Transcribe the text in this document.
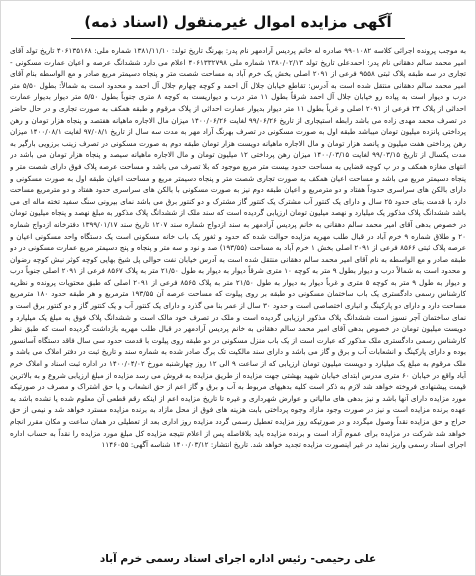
آگهی مزایده اموال غیرمنقول (اسناد ذمه)

به موجب پرونده اجرائی کلاسه ۹۹۰۱۰۸۲ صادره له خانم پردیس آرادمهر نام پدر: بهرنگ تاریخ تولد: ۱۳۸۱/۱۱/۱۰ شماره ملی: ۴۰۶۱۳۵۱۶۸ تاریخ تولد آقای امیر محمد سالم دهقانی نام پدر: احمدعلی تاریخ تولد ۱۳۸۰/۰۲/۱۳ شماره ملی ۴۰۶۱۳۳۲۷۹۸ اعلام می دارد ششدانگ عرصه و اعیان عمارت مسکونی - تجاری در سه طبقه پلاک ثبتی ۹۵۵۸ فرعی از ۲۰۹۱ اصلی بخش یک خرم آباد به مساحت شصت متر و پنجاه دسیمتر مربع صادر و مع الواسطه بنام آقای امیر محمد سالم دهقانی منتقل شده است به آدرس: تقاطع خیابان جلال آل احمد و کوچه چهارم جلال آل احمد و محدود است به شمالاً: بطول ۵/۵۰ متر درب و دیوار است به پیاده رو خیابان جلال آل احمد شرقاً بطول ۱۱ متر درب و دیواریست به کوچه ۸ متری جنوباً بطول ۵/۵۰ متر دیوار بدیوار عمارت احداثی از پلاک ۲۴ فرعی از ۲۰۹۱ اصلی و غرباً بطول ۱۱ متر دیوار بدیوار عمارت احداثی از پلاک مرقوم و طبقه همکف به صورت تجاری و در حال حاضر در تصرف محمد مهدی زاده می باشد رابطه استیجاری از تاریخ ۹۹/۰۶/۲۶ لغایت ۱۴۰۰/۰۶/۲۶ میزان مال الاجاره ماهیانه هفتصد و پنجاه هزار تومان و رهن پرداختی پانزده میلیون تومان میباشد طبقه اول به صورت مسکونی در تصرف بهرنگ آراد مهر به مدت سه سال از تاریخ ۹۷/۰۸/۱ لغایت ۱۴۰۰/۰۸/۱ میزان رهن پرداختی هفت میلیون و پانصد هزار تومان و مال الاجاره ماهیانه دویست هزار تومان طبقه دوم به صورت مسکونی در تصرف زینب برزویی بارگیر به مدت یکسال از تاریخ ۹۹/۰۳/۱۵ لغایت ۱۴۰۰/۰۳/۱۵ میزان رهن پرداختی ۱۲ میلیون تومان و مال الاجاره ماهیانه سیصد و پنجاه هزار تومان می باشد در انتهای مغازه همکف و در پ کوچه قضایی به مساحت حدود بیست متر مربع موجود که بلا تصرف می باشد و مساحت عرصه پلاک فوق دارای شصت متر و پنجاه دسیمتر مربع می باشد و مساحت اعیان همکف به صورت تجاری شصت متر و پنجاه دسیمتر مربع و مساحت اعیان طبقه اول به صورت مسکونی و دارای بالکن های سراسری حدوداً هفتاد و دو مترمربع و اعیان طبقه دوم نیز به صورت مسکونی با بالکن های سراسری حدود هفتاد و دو مترمربع مساحت دارد با قدمت بنای حدود ۲۵ سال و دارای یک کنتور آب مشترک یک کنتور گاز مشترک و دو کنتور برق می باشد نمای بیرونی سنگ سفید تخته ماله ای می باشد ششدانگ پلاک مذکور یک میلیارد و نهصد میلیون تومان ارزیابی گردیده است که سند ملک از ششدانگ پلاک مذکور به مبلغ نهصد و پنجاه میلیون تومان در خصوص بدهی آقای امیر محمد سالم دهقانی به خانم پردیس آرادمهر به سند ازدواج شماره سند ۱۲۰۷ تاریخ سند ۱۳۹۹/۰۱/۱۷ دفترخانه ازدواج شماره ۲۰ و طلاق شماره ۹ خرم آباد در قبال طلب مهریه مزایده حوالت شده که حدود و ثغور یک باب خانه مسکونی است یک دستگاه واحد مسکونی اعیان و عرصه پلاک ثبتی ۸۵۶۶ فرعی از ۲۰۹۱ اصلی بخش ۱ خرم آباد به مساحت (۱۹۳/۵۵) صد و نود و سه متر و پنجاه و پنج دسیمتر مربع عمارت مسکونی در دو طبقه صادر و مع الواسطه به نام آقای امیر محمد سالم دهقانی منتقل شده است به آدرس خیابان نفت حوالی پل شیخ بهایی کوچه کوثر نبش کوچه رضوان و محدود است به شمالاً درب و دیوار بطول ۹ متر به کوچه ۱۰ متری شرقاً دیوار به دیوار به طول ۲۱/۵۰ متر به پلاک ۸۵۶۷ فرعی از ۲۰۹۱ اصلی جنوباً درب و دیوار به طول ۹ متر به کوچه ۵ متری و غرباً دیوار به دیوار به طول ۲۱/۵۰ متر به پلاک ۸۵۶۵ فرعی از ۲۰۹۱ اصلی که طبق محتویات پرونده و نظریه کارشناس رسمی دادگستری یک باب ساختمان مسکونی دو طبقه بر روی پیلوت که مساحت عرصه آن ۱۹۳/۵۵ مترمربع و هر طبقه حدود ۱۸۰ مترمربع مساحت دارد و دارای دو پارکینگ و انباری اختصاصی است و حدود ۳۰ سال از عمر بنا می گذرد و دارای یک کنتور آب و یک کنتور گاز و دو کنتور برق است و نمای ساختمان آجر نسوز است ششدانگ پلاک مذکور ارزیابی گردیده است و ملک در تصرف خود مالک است و ششدانگ پلاک فوق به مبلغ یک میلیارد و دویست میلیون تومان در خصوص بدهی آقای امیر محمد سالم دهقانی به خانم پردیس آرادمهر در قبال طلب مهریه بازداشت گردیده است که طبق نظر کارشناس رسمی دادگستری ملک مذکور که عبارت است از یک باب منزل مسکونی در دو طبقه روی پیلوت با قدمت حدود سی سال فاقد دستگاه آسانسور بوده و دارای پارکینگ و انشعابات آب و برق و گاز می باشد و دارای سند مالکیت تک برگ صادر شده به شماره سند و تاریخ ثبت در دفتر املاک می باشد و ملک مرقوم به مبلغ یک میلیارد و دویست میلیون تومان ارزیابی که از ساعت ۹ الی ۱۲ روز چهارشنبه مورخ ۱۴۰۰/۰۴/۰۲ در اداره ثبت اسناد و املاک خرم آباد واقع در خیابان ۶۰ متری مدرس ابتدای خیابان شهید بهشتی جهت مزایده از طریق مزایده به فروش می رسد مزایده از مبلغ ارزیابی شروع و به بالاترین قیمت پیشنهادی فروخته خواهد شد لازم به ذکر است کلیه بدهیهای مربوط به آب و برق و گاز اعم از حق انشعاب و یا حق اشتراک و مصرف در صورتیکه مورد مزایده دارای آنها باشد و نیز بدهی های مالیاتی و عوارض شهرداری و غیره تا تاریخ مزایده اعم از اینکه رقم قطعی آن معلوم شده یا نشده باشد به عهده برنده مزایده است و نیز در صورت وجود مازاد وجوه پرداختی بابت هزینه های فوق از محل مازاد به برنده مزایده مسترد خواهد شد و نیمی از حق حراج و حق مزایده نقداً وصول میگردد و در صورتیکه روز مزایده تعطیل رسمی گردد مزایده روز اداری بعد از تعطیلی در همان ساعت و مکان مقرر انجام خواهد شد شرکت در مزایده برای عموم آزاد است و برنده مزایده باید بلافاصله پس از اعلام نتیجه مزایده کل مبلغ مورد مزایده را نقداً به حساب اداره اجرای اسناد رسمی واریز نماید در غیر اینصورت مزایده تجدید خواهد شد. تاریخ انتشار: ۱۴۰۰/۰۳/۱۲ شناسه آگهی: ۱۱۴۶۰۵۵

علی رحیمی- رئیس اداره اجرای اسناد رسمی خرم آباد
